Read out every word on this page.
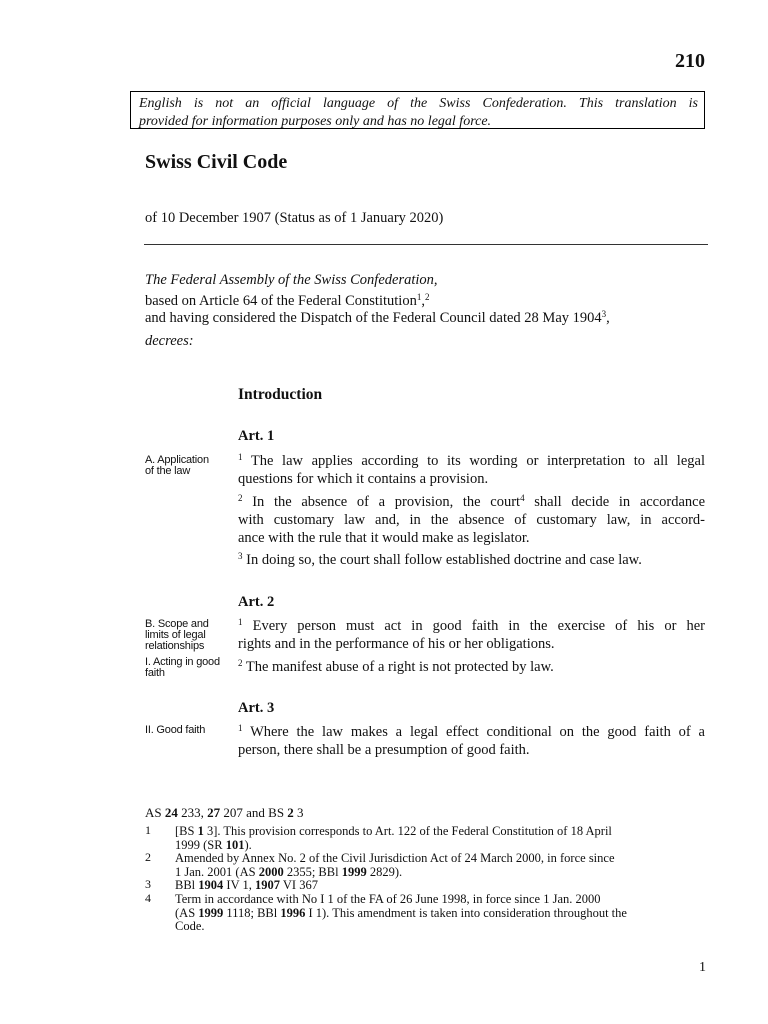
210
English is not an official language of the Swiss Confederation. This translation is
provided for information purposes only and has no legal force.
Swiss Civil Code
of 10 December 1907 (Status as of 1 January 2020)
The Federal Assembly of the Swiss Confederation,
based on Article 64 of the Federal Constitution$^1$,$^2$
and having considered the Dispatch of the Federal Council dated 28 May 1904$^3$,
decrees:
Introduction
Art. 1
A. Application
of the law
$^1$ The law applies according to its wording or interpretation to all legal
questions for which it contains a provision.
$^2$ In the absence of a provision, the court$^4$ shall decide in accordance
with customary law and, in the absence of customary law, in accord-
ance with the rule that it would make as legislator.
$^3$ In doing so, the court shall follow established doctrine and case law.
Art. 2
B. Scope and
limits of legal
relationships
I. Acting in good
faith
$^1$ Every person must act in good faith in the exercise of his or her
rights and in the performance of his or her obligations.
$^2$ The manifest abuse of a right is not protected by law.
Art. 3
II. Good faith	$^1$ Where the law makes a legal effect conditional on the good faith of a
person, there shall be a presumption of good faith.
AS 24 233, 27 207 and BS 2 3
1 [BS 1 3]. This provision corresponds to Art. 122 of the Federal Constitution of 18 April
1999 (SR 101).
2 Amended by Annex No. 2 of the Civil Jurisdiction Act of 24 March 2000, in force since
1 Jan. 2001 (AS 2000 2355; BBl 1999 2829).
3 BBl 1904 IV 1, 1907 VI 367
4 Term in accordance with No I 1 of the FA of 26 June 1998, in force since 1 Jan. 2000
(AS 1999 1118; BBl 1996 I 1). This amendment is taken into consideration throughout the
Code.
1
